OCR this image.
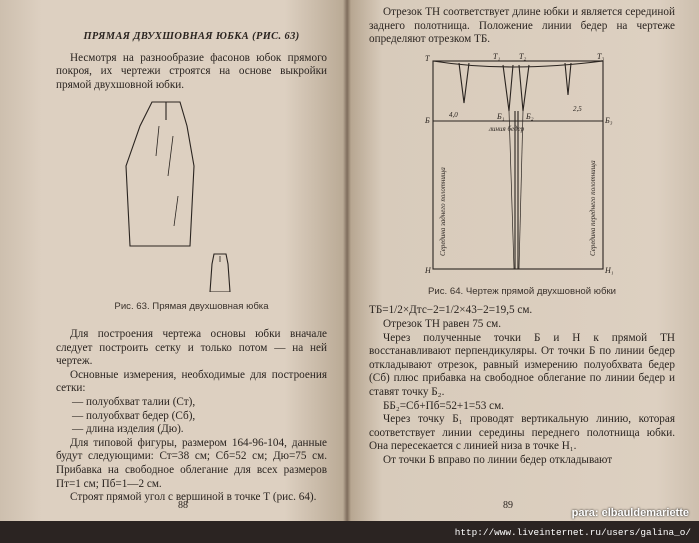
ПРЯМАЯ ДВУХШОВНАЯ ЮБКА (РИС. 63)

Несмотря на разнообразие фасонов юбок прямого покроя, их чертежи строятся на основе выкройки прямой двухшовной юбки.

Рис. 63. Прямая двухшовная юбка

Для построения чертежа основы юбки вначале следует построить сетку и только потом — на ней чертеж.

Основные измерения, необходимые для построения сетки:

— полуобхват талии (Ст),

— полуобхват бедер (Сб),

— длина изделия (Дю).

Для типовой фигуры, размером 164-96-104, данные будут следующими: Ст=38 см; Сб=52 см; Дю=75 см. Прибавка на свободное облегание для всех размеров Пт=1 см; Пб=1—2 см.

Строят прямой угол с вершиной в точке Т (рис. 64).

88

Отрезок ТН соответствует длине юбки и является серединой заднего полотнища. Положение линии бедер на чертеже определяют отрезком ТБ.

Т	Т₁ Т₂	Т₃
Б	Б₁	Б₂	Б₃
Н	Н₁
4,0
2,5
линия бедер
Середина заднего полотнища	Середина переднего полотнища

Рис. 64. Чертеж прямой двухшовной юбки

ТБ=1/2×Дтс−2=1/2×43−2=19,5 см.

Отрезок ТН равен 75 см.

Через полученные точки Б и Н к прямой ТН восстанавливают перпендикуляры. От точки Б по линии бедер откладывают отрезок, равный измерению полуобхвата бедер (Сб) плюс прибавка на свободное облегание по линии бедер и ставят точку Б₂.

ББ₂=Сб+Пб=52+1=53 см.

Через точку Б₁ проводят вертикальную линию, которая соответствует линии середины переднего полотнища юбки. Она пересекается с линией низа в точке Н₁.

От точки Б вправо по линии бедер откладывают

89
para: elbauldemariette
http://www.liveinternet.ru/users/galina_o/
